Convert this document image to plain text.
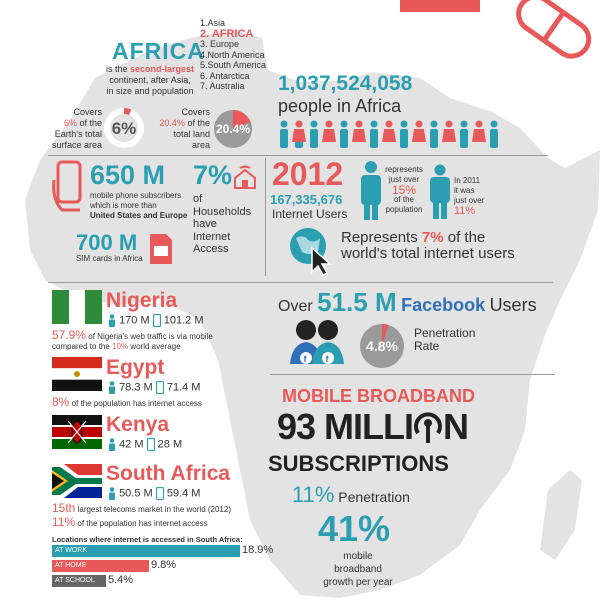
AFRICA
is the second-largest
continent, after Asia,
in size and population
1.Asia
2. AFRICA
3. Europe
4.North America
5.South America
6. Antarctica
7. Australia
Covers
6% of the
Earth's total
surface area
6%
Covers
20.4% of the
total land
area
20.4%
1,037,524,058
people in Africa
650 M
mobile phone subscribers
which is more than
United States and Europe
700 M
SIM cards in Africa
7%
of
Households
have
Internet
Access
2012
167,335,676
Internet Users
represents
just over
15%
of the
population
In 2011
it was
just over
11%
Represents 7% of the
world's total internet users
Over 51.5 M Facebook Users
f f
4.8%
Penetration
Rate
MOBILE BROADBAND
93 MILLI N
SUBSCRIPTIONS
11% Penetration
41%
mobile broadband
growth per year
Nigeria
170 M 101.2 M
57.9% of Nigeria's web traffic is via mobile
compared to the 10% world average
Egypt
78.3 M 71.4 M
8% of the population has internet access
Kenya
42 M 28 M
South Africa
50.5 M 59.4 M
15th largest telecoms market in the world (2012)
11% of the population has internet access
Locations where internet is accessed in South Africa:
AT WORK	18.9%
AT HOME	9.8%
AT SCHOOL	5.4%
